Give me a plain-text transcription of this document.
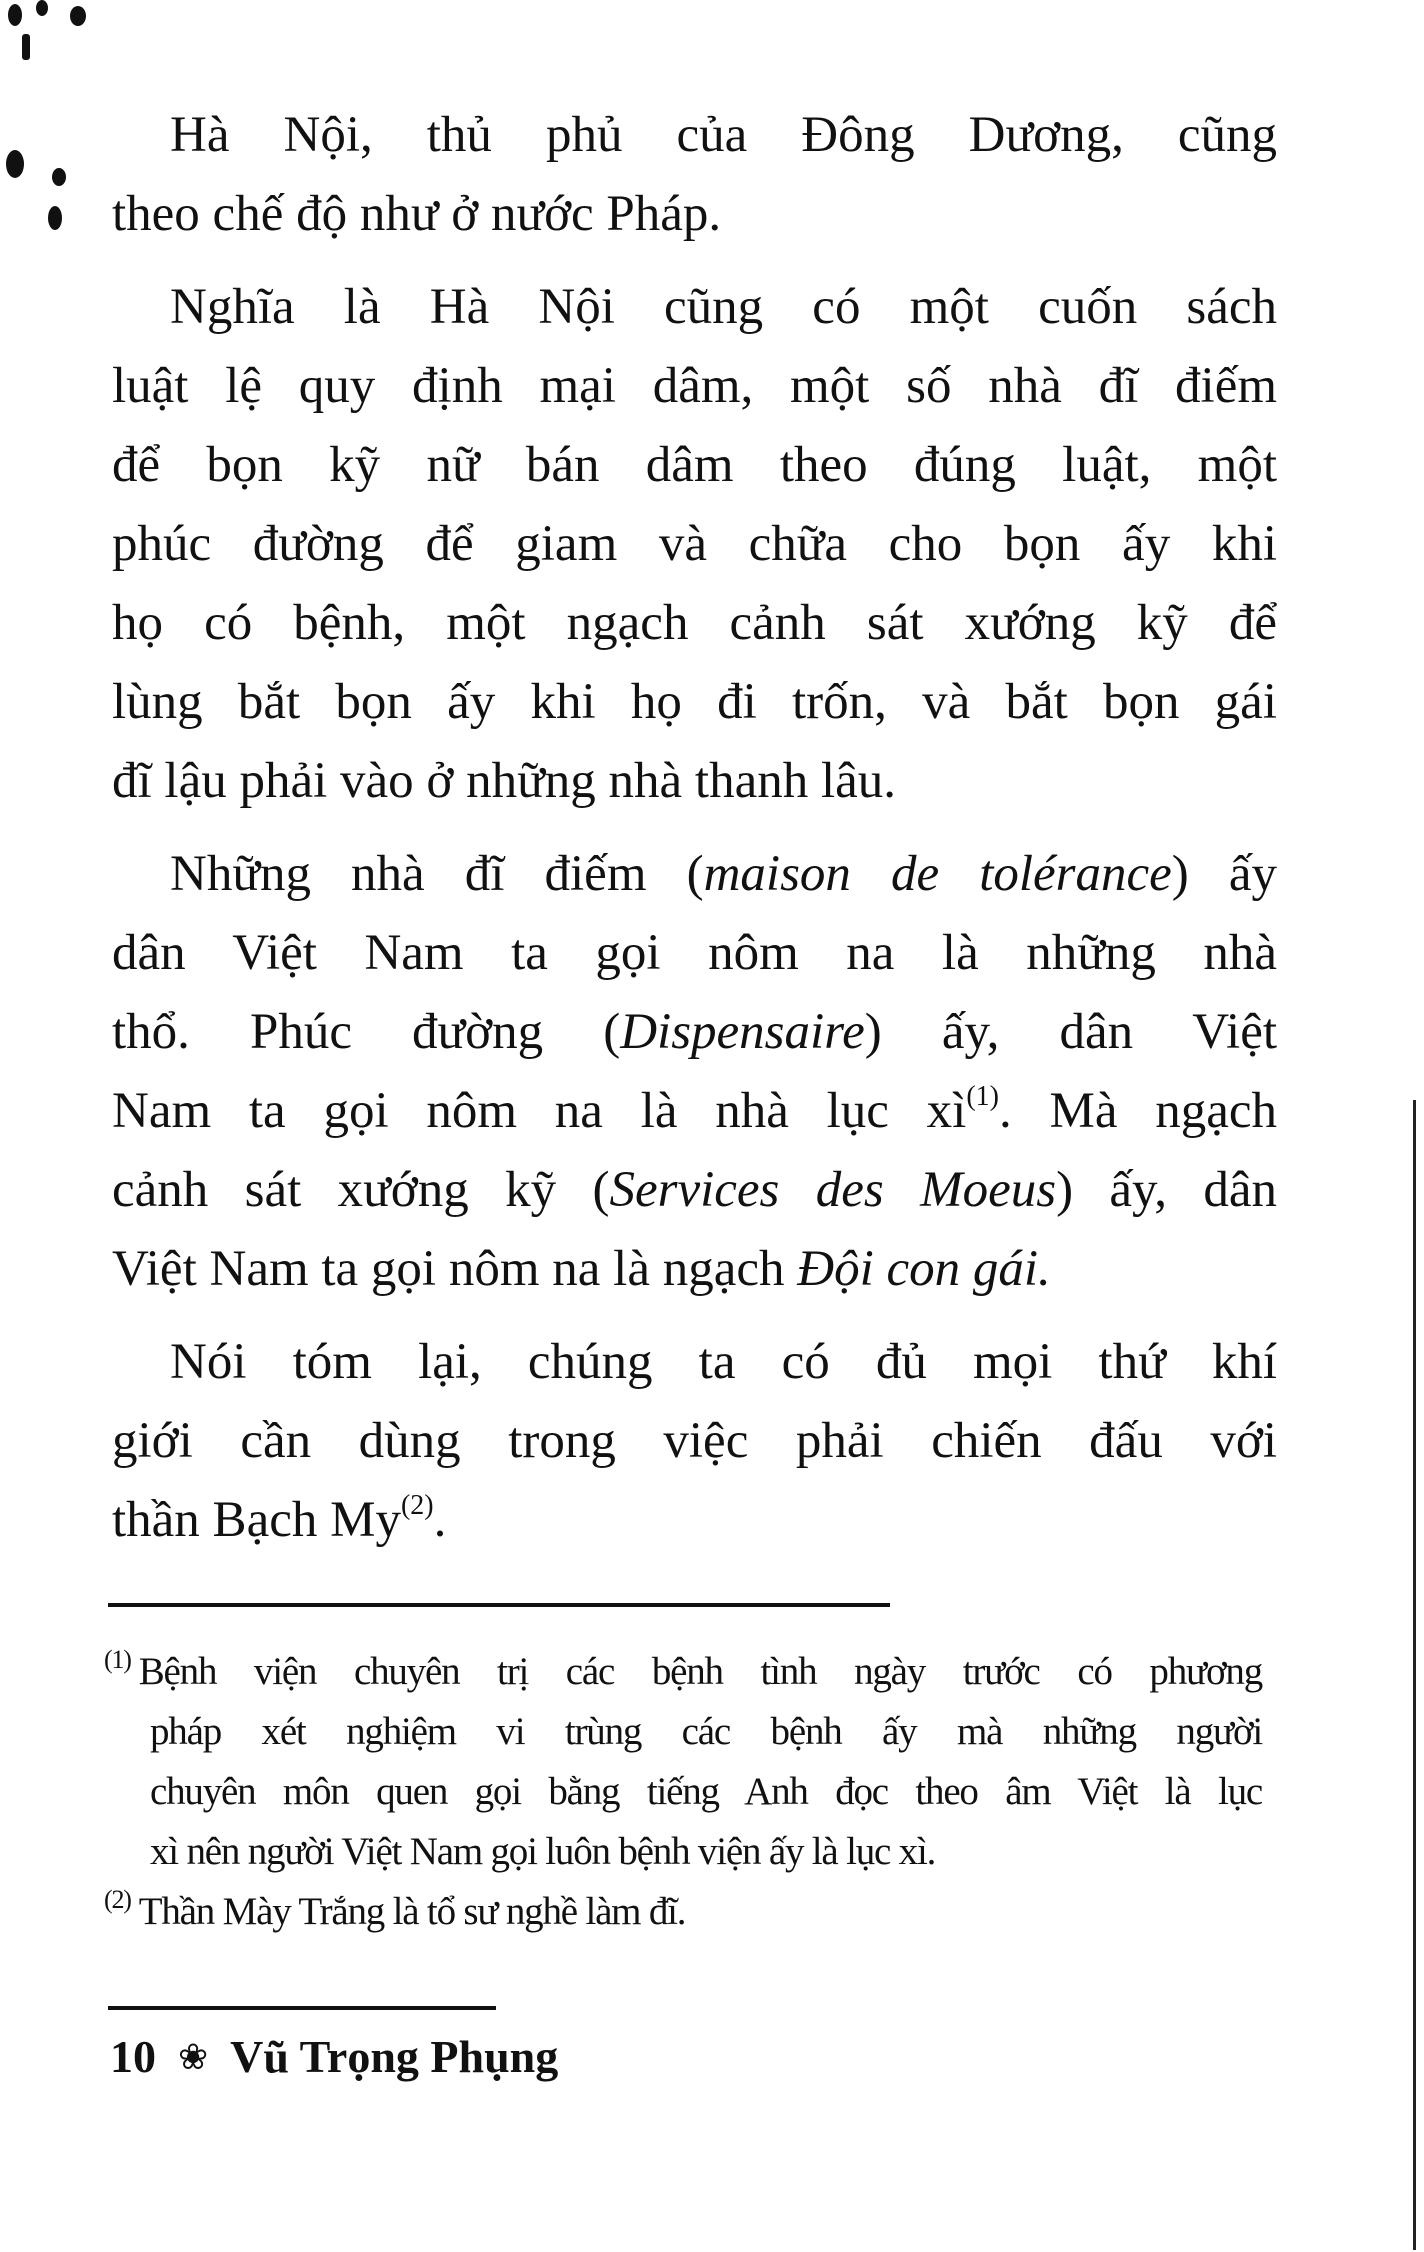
Hà Nội, thủ phủ của Đông Dương, cũng
theo chế độ như ở nước Pháp.
Nghĩa là Hà Nội cũng có một cuốn sách
luật lệ quy định mại dâm, một số nhà đĩ điếm
để bọn kỹ nữ bán dâm theo đúng luật, một
phúc đường để giam và chữa cho bọn ấy khi
họ có bệnh, một ngạch cảnh sát xướng kỹ để
lùng bắt bọn ấy khi họ đi trốn, và bắt bọn gái
đĩ lậu phải vào ở những nhà thanh lâu.
Những nhà đĩ điếm (maison de tolérance) ấy
dân Việt Nam ta gọi nôm na là những nhà
thổ. Phúc đường (Dispensaire) ấy, dân Việt
Nam ta gọi nôm na là nhà lục $xì^{(1)}$. Mà ngạch
cảnh sát xướng kỹ (Services des Moeus) ấy, dân
Việt Nam ta gọi nôm na là ngạch Đội con gái.
Nói tóm lại, chúng ta có đủ mọi thứ khí
giới cần dùng trong việc phải chiến đấu với
thần Bạch My$^{(2)}$.
$^{(1)}$ Bệnh viện chuyên trị các bệnh tình ngày trước có phương
pháp xét nghiệm vi trùng các bệnh ấy mà những người
chuyên môn quen gọi bằng tiếng Anh đọc theo âm Việt là lục
xì nên người Việt Nam gọi luôn bệnh viện ấy là lục xì.
$^{(2)}$ Thần Mày Trắng là tổ sư nghề làm đĩ.
10 ❀ Vũ Trọng Phụng
